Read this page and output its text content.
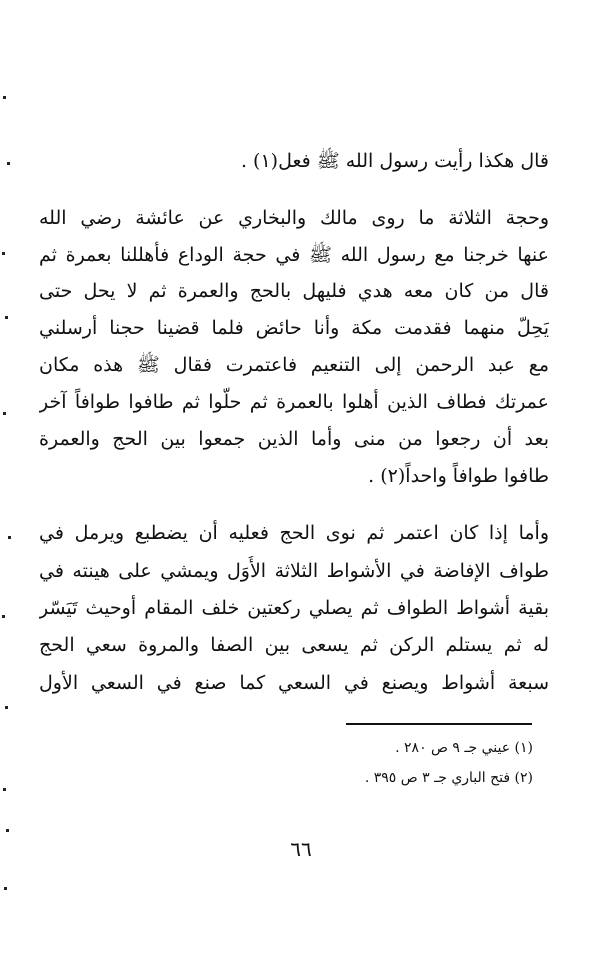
قال هكذا رأيت رسول الله ﷺ فعل(١) .
وحجة الثلاثة ما روى مالك والبخاري عن عائشة رضي الله
عنها خرجنا مع رسول الله ﷺ في حجة الوداع فأهللنا بعمرة ثم
قال من كان معه هدي فليهل بالحج والعمرة ثم لا يحل حتى
يَحِلّ منهما فقدمت مكة وأنا حائض فلما قضينا حجنا أرسلني
مع عبد الرحمن إلى التنعيم فاعتمرت فقال ﷺ هذه مكان
عمرتك فطاف الذين أهلوا بالعمرة ثم حلّوا ثم طافوا طوافاً آخر
بعد أن رجعوا من منى وأما الذين جمعوا بين الحج والعمرة
طافوا طوافاً واحداً(٢) .
وأما إذا كان اعتمر ثم نوى الحج فعليه أن يضطبع ويرمل في
طواف الإفاضة في الأشواط الثلاثة الأُوَل ويمشي على هينته في
بقية أشواط الطواف ثم يصلي ركعتين خلف المقام أوحيث تَيَسّر
له ثم يستلم الركن ثم يسعى بين الصفا والمروة سعي الحج
سبعة أشواط ويصنع في السعي كما صنع في السعي الأول
(١) عيني جـ ٩ ص ٢٨٠ .
(٢) فتح الباري جـ ٣ ص ٣٩٥ .
٦٦
